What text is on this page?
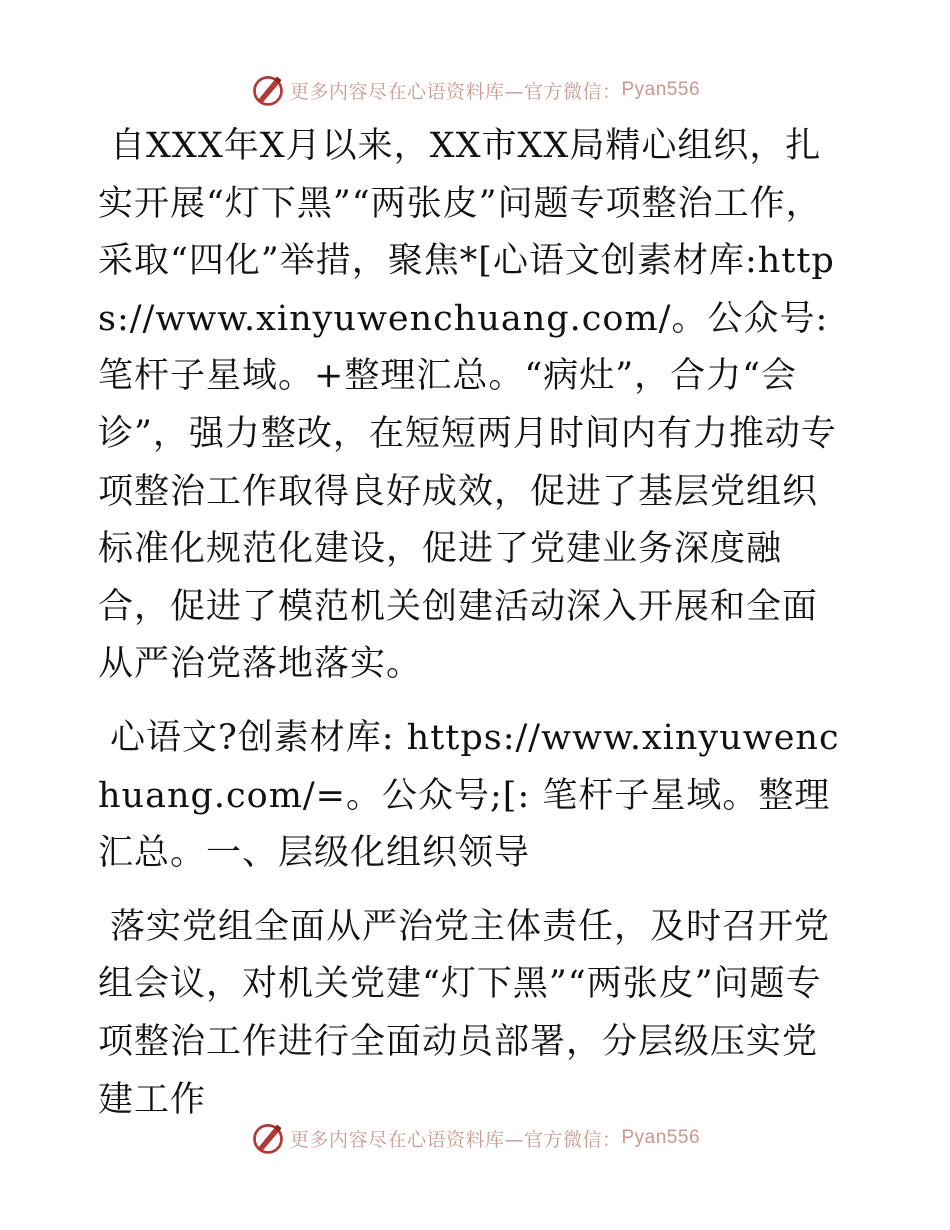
更多内容尽在心语资料库—官方微信： Pyan556

自XXX年X月以来，XX市XX局精心组织，扎实开展“灯下黑”“两张皮”问题专项整治工作，采取“四化”举措，聚焦*[心语文创素材库:https://www.xinyuwenchuang.com/。公众号: 笔杆子星域。+整理汇总。“病灶”，合力“会诊”，强力整改，在短短两月时间内有力推动专项整治工作取得良好成效，促进了基层党组织标准化规范化建设，促进了党建业务深度融合，促进了模范机关创建活动深入开展和全面从严治党落地落实。

心语文?创素材库: https://www.xinyuwenchuang.com/=。公众号;[: 笔杆子星域。整理汇总。一、层级化组织领导

落实党组全面从严治党主体责任，及时召开党组会议，对机关党建“灯下黑”“两张皮”问题专项整治工作进行全面动员部署，分层级压实党建工作

更多内容尽在心语资料库—官方微信： Pyan556
